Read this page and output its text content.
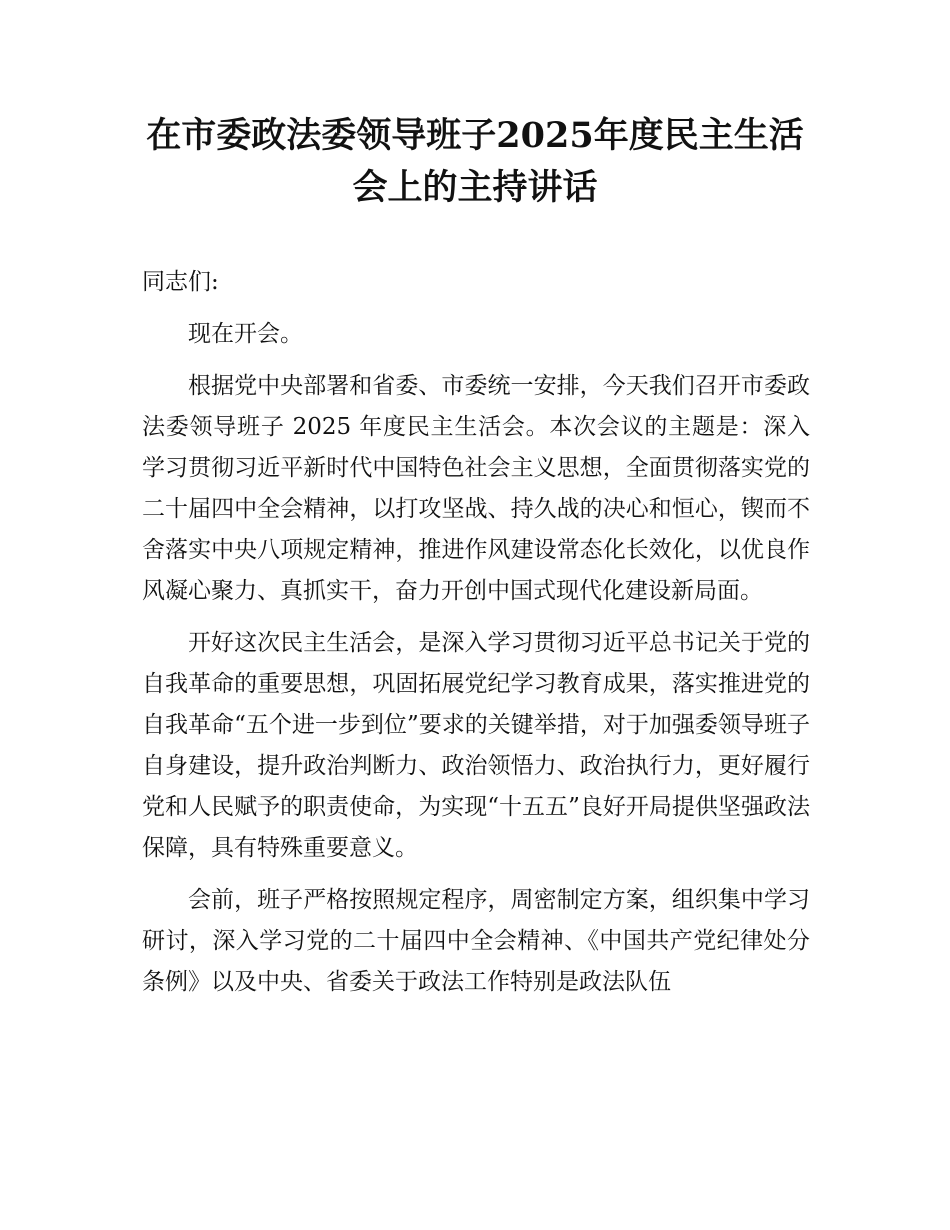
在市委政法委领导班子2025年度民主生活会上的主持讲话

同志们:

现在开会。

根据党中央部署和省委、市委统一安排，今天我们召开市委政法委领导班子 2025 年度民主生活会。本次会议的主题是：深入学习贯彻习近平新时代中国特色社会主义思想，全面贯彻落实党的二十届四中全会精神，以打攻坚战、持久战的决心和恒心，锲而不舍落实中央八项规定精神，推进作风建设常态化长效化，以优良作风凝心聚力、真抓实干，奋力开创中国式现代化建设新局面。

开好这次民主生活会，是深入学习贯彻习近平总书记关于党的自我革命的重要思想，巩固拓展党纪学习教育成果，落实推进党的自我革命“五个进一步到位”要求的关键举措，对于加强委领导班子自身建设，提升政治判断力、政治领悟力、政治执行力，更好履行党和人民赋予的职责使命，为实现“十五五”良好开局提供坚强政法保障，具有特殊重要意义。

会前，班子严格按照规定程序，周密制定方案，组织集中学习研讨，深入学习党的二十届四中全会精神、《中国共产党纪律处分条例》以及中央、省委关于政法工作特别是政法队伍
